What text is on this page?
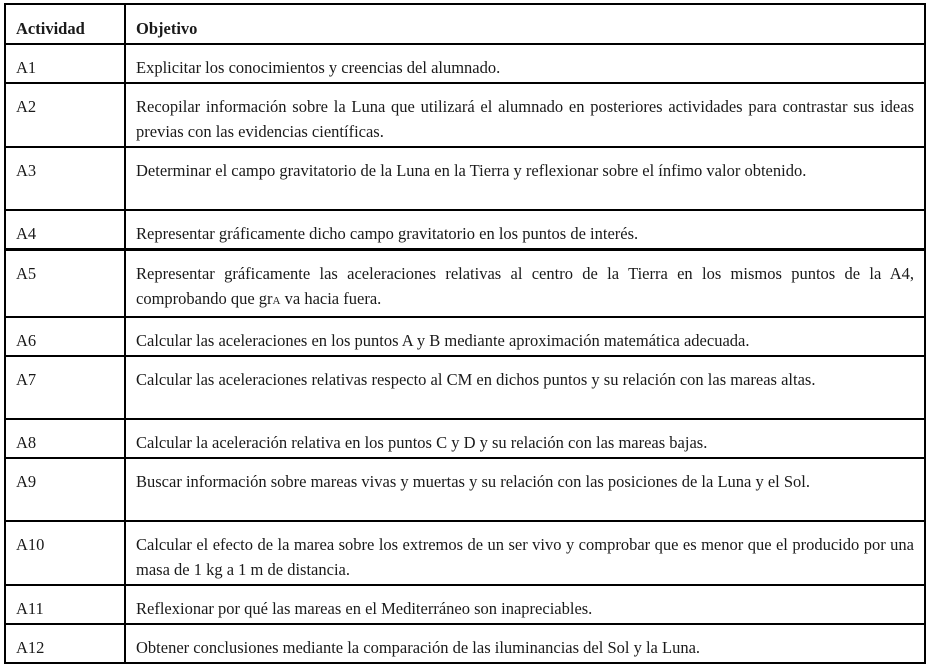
Actividad	Objetivo

A1	Explicitar los conocimientos y creencias del alumnado.

A2	Recopilar información sobre la Luna que utilizará el alumnado en posteriores actividades para contrastar sus ideas previas con las evidencias científicas.

A3	Determinar el campo gravitatorio de la Luna en la Tierra y reflexionar sobre el ínfimo valor obtenido.

A4	Representar gráficamente dicho campo gravitatorio en los puntos de interés.

A5	Representar gráficamente las aceleraciones relativas al centro de la Tierra en los mismos puntos de la A4, comprobando que grA va hacia fuera.

A6	Calcular las aceleraciones en los puntos A y B mediante aproximación matemática adecuada.

A7	Calcular las aceleraciones relativas respecto al CM en dichos puntos y su relación con las mareas altas.

A8	Calcular la aceleración relativa en los puntos C y D y su relación con las mareas bajas.

A9	Buscar información sobre mareas vivas y muertas y su relación con las posiciones de la Luna y el Sol.

A10	Calcular el efecto de la marea sobre los extremos de un ser vivo y comprobar que es menor que el producido por una masa de 1 kg a 1 m de distancia.

A11	Reflexionar por qué las mareas en el Mediterráneo son inapreciables.

A12	Obtener conclusiones mediante la comparación de las iluminancias del Sol y la Luna.
